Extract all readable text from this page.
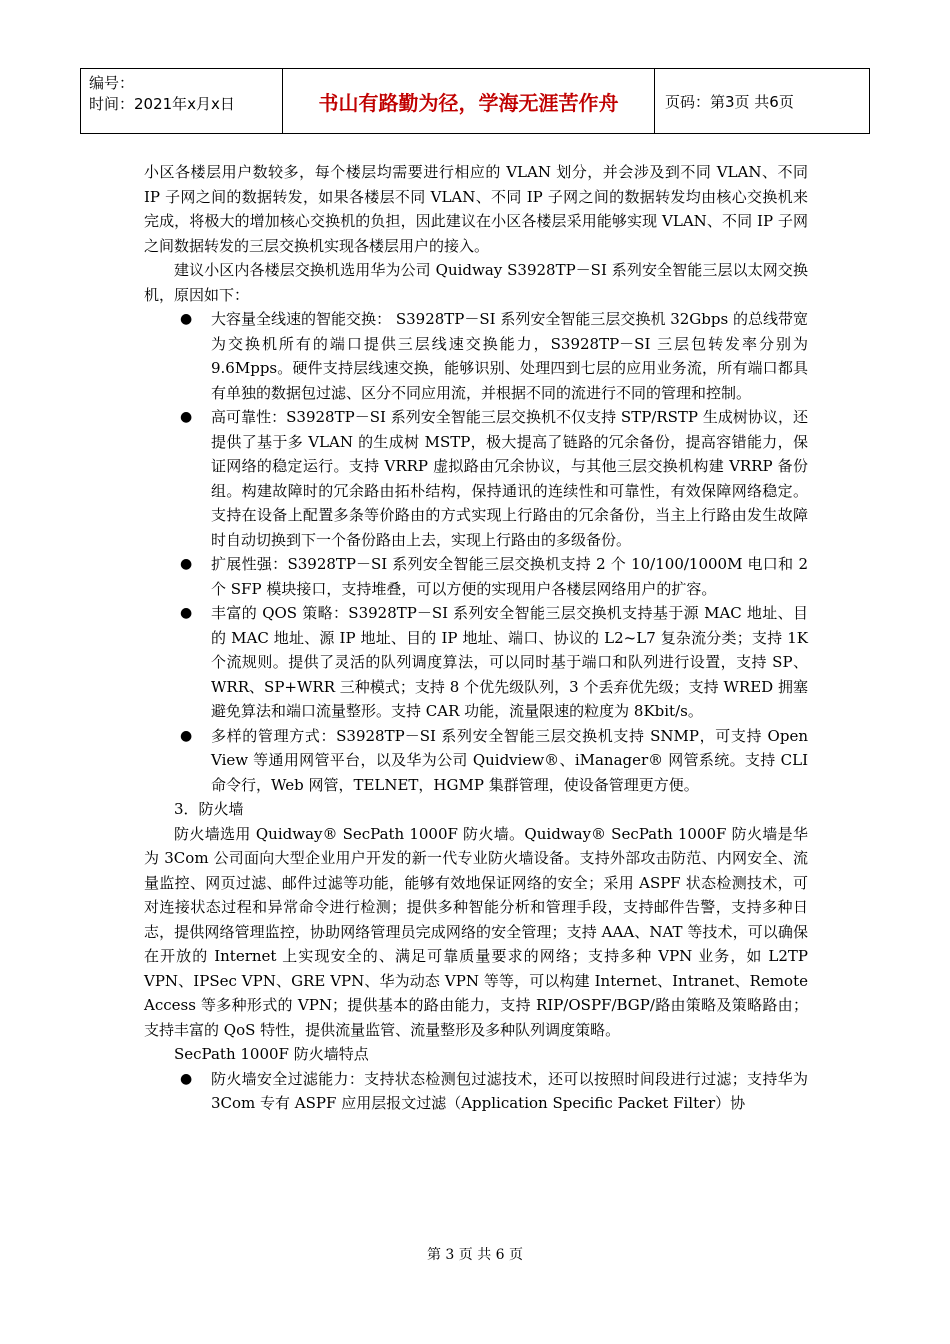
编号：
时间：2021年x月x日	书山有路勤为径，学海无涯苦作舟	页码：第3页 共6页

小区各楼层用户数较多，每个楼层均需要进行相应的 VLAN 划分，并会涉及到不同 VLAN、不同 IP 子网之间的数据转发，如果各楼层不同 VLAN、不同 IP 子网之间的数据转发均由核心交换机来完成，将极大的增加核心交换机的负担，因此建议在小区各楼层采用能够实现 VLAN、不同 IP 子网之间数据转发的三层交换机实现各楼层用户的接入。

建议小区内各楼层交换机选用华为公司 Quidway S3928TP－SI 系列安全智能三层以太网交换机，原因如下：

● 大容量全线速的智能交换： S3928TP－SI 系列安全智能三层交换机 32Gbps 的总线带宽为交换机所有的端口提供三层线速交换能力，S3928TP－SI 三层包转发率分别为 9.6Mpps。硬件支持层线速交换，能够识别、处理四到七层的应用业务流，所有端口都具有单独的数据包过滤、区分不同应用流，并根据不同的流进行不同的管理和控制。
● 高可靠性：S3928TP－SI 系列安全智能三层交换机不仅支持 STP/RSTP 生成树协议，还提供了基于多 VLAN 的生成树 MSTP，极大提高了链路的冗余备份，提高容错能力，保证网络的稳定运行。支持 VRRP 虚拟路由冗余协议，与其他三层交换机构建 VRRP 备份组。构建故障时的冗余路由拓朴结构，保持通讯的连续性和可靠性，有效保障网络稳定。支持在设备上配置多条等价路由的方式实现上行路由的冗余备份，当主上行路由发生故障时自动切换到下一个备份路由上去，实现上行路由的多级备份。
● 扩展性强：S3928TP－SI 系列安全智能三层交换机支持 2 个 10/100/1000M 电口和 2 个 SFP 模块接口，支持堆叠，可以方便的实现用户各楼层网络用户的扩容。
● 丰富的 QOS 策略：S3928TP－SI 系列安全智能三层交换机支持基于源 MAC 地址、目的 MAC 地址、源 IP 地址、目的 IP 地址、端口、协议的 L2~L7 复杂流分类；支持 1K 个流规则。提供了灵活的队列调度算法，可以同时基于端口和队列进行设置，支持 SP、WRR、SP+WRR 三种模式；支持 8 个优先级队列，3 个丢弃优先级；支持 WRED 拥塞避免算法和端口流量整形。支持 CAR 功能，流量限速的粒度为 8Kbit/s。
● 多样的管理方式：S3928TP－SI 系列安全智能三层交换机支持 SNMP，可支持 Open View 等通用网管平台，以及华为公司 Quidview®、iManager® 网管系统。支持 CLI 命令行，Web 网管，TELNET，HGMP 集群管理，使设备管理更方便。

3．防火墙

防火墙选用 Quidway® SecPath 1000F 防火墙。Quidway® SecPath 1000F 防火墙是华为 3Com 公司面向大型企业用户开发的新一代专业防火墙设备。支持外部攻击防范、内网安全、流量监控、网页过滤、邮件过滤等功能，能够有效地保证网络的安全；采用 ASPF 状态检测技术，可对连接状态过程和异常命令进行检测；提供多种智能分析和管理手段，支持邮件告警，支持多种日志，提供网络管理监控，协助网络管理员完成网络的安全管理；支持 AAA、NAT 等技术，可以确保在开放的 Internet 上实现安全的、满足可靠质量要求的网络；支持多种 VPN 业务，如 L2TP VPN、IPSec VPN、GRE VPN、华为动态 VPN 等等，可以构建 Internet、Intranet、Remote Access 等多种形式的 VPN；提供基本的路由能力，支持 RIP/OSPF/BGP/路由策略及策略路由；支持丰富的 QoS 特性，提供流量监管、流量整形及多种队列调度策略。

SecPath 1000F 防火墙特点

● 防火墙安全过滤能力：支持状态检测包过滤技术，还可以按照时间段进行过滤；支持华为 3Com 专有 ASPF 应用层报文过滤（Application Specific Packet Filter）协
第 3 页 共 6 页
